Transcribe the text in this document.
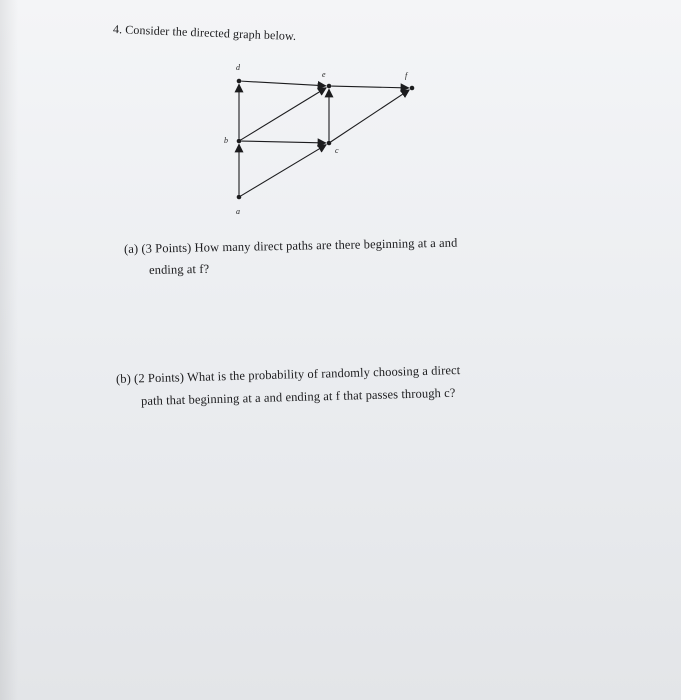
4. Consider the directed graph below.
a
b
c
d
e	f
(a) (3 Points) How many direct paths are there beginning at a and
ending at f?
(b) (2 Points) What is the probability of randomly choosing a direct
path that beginning at a and ending at f that passes through c?
